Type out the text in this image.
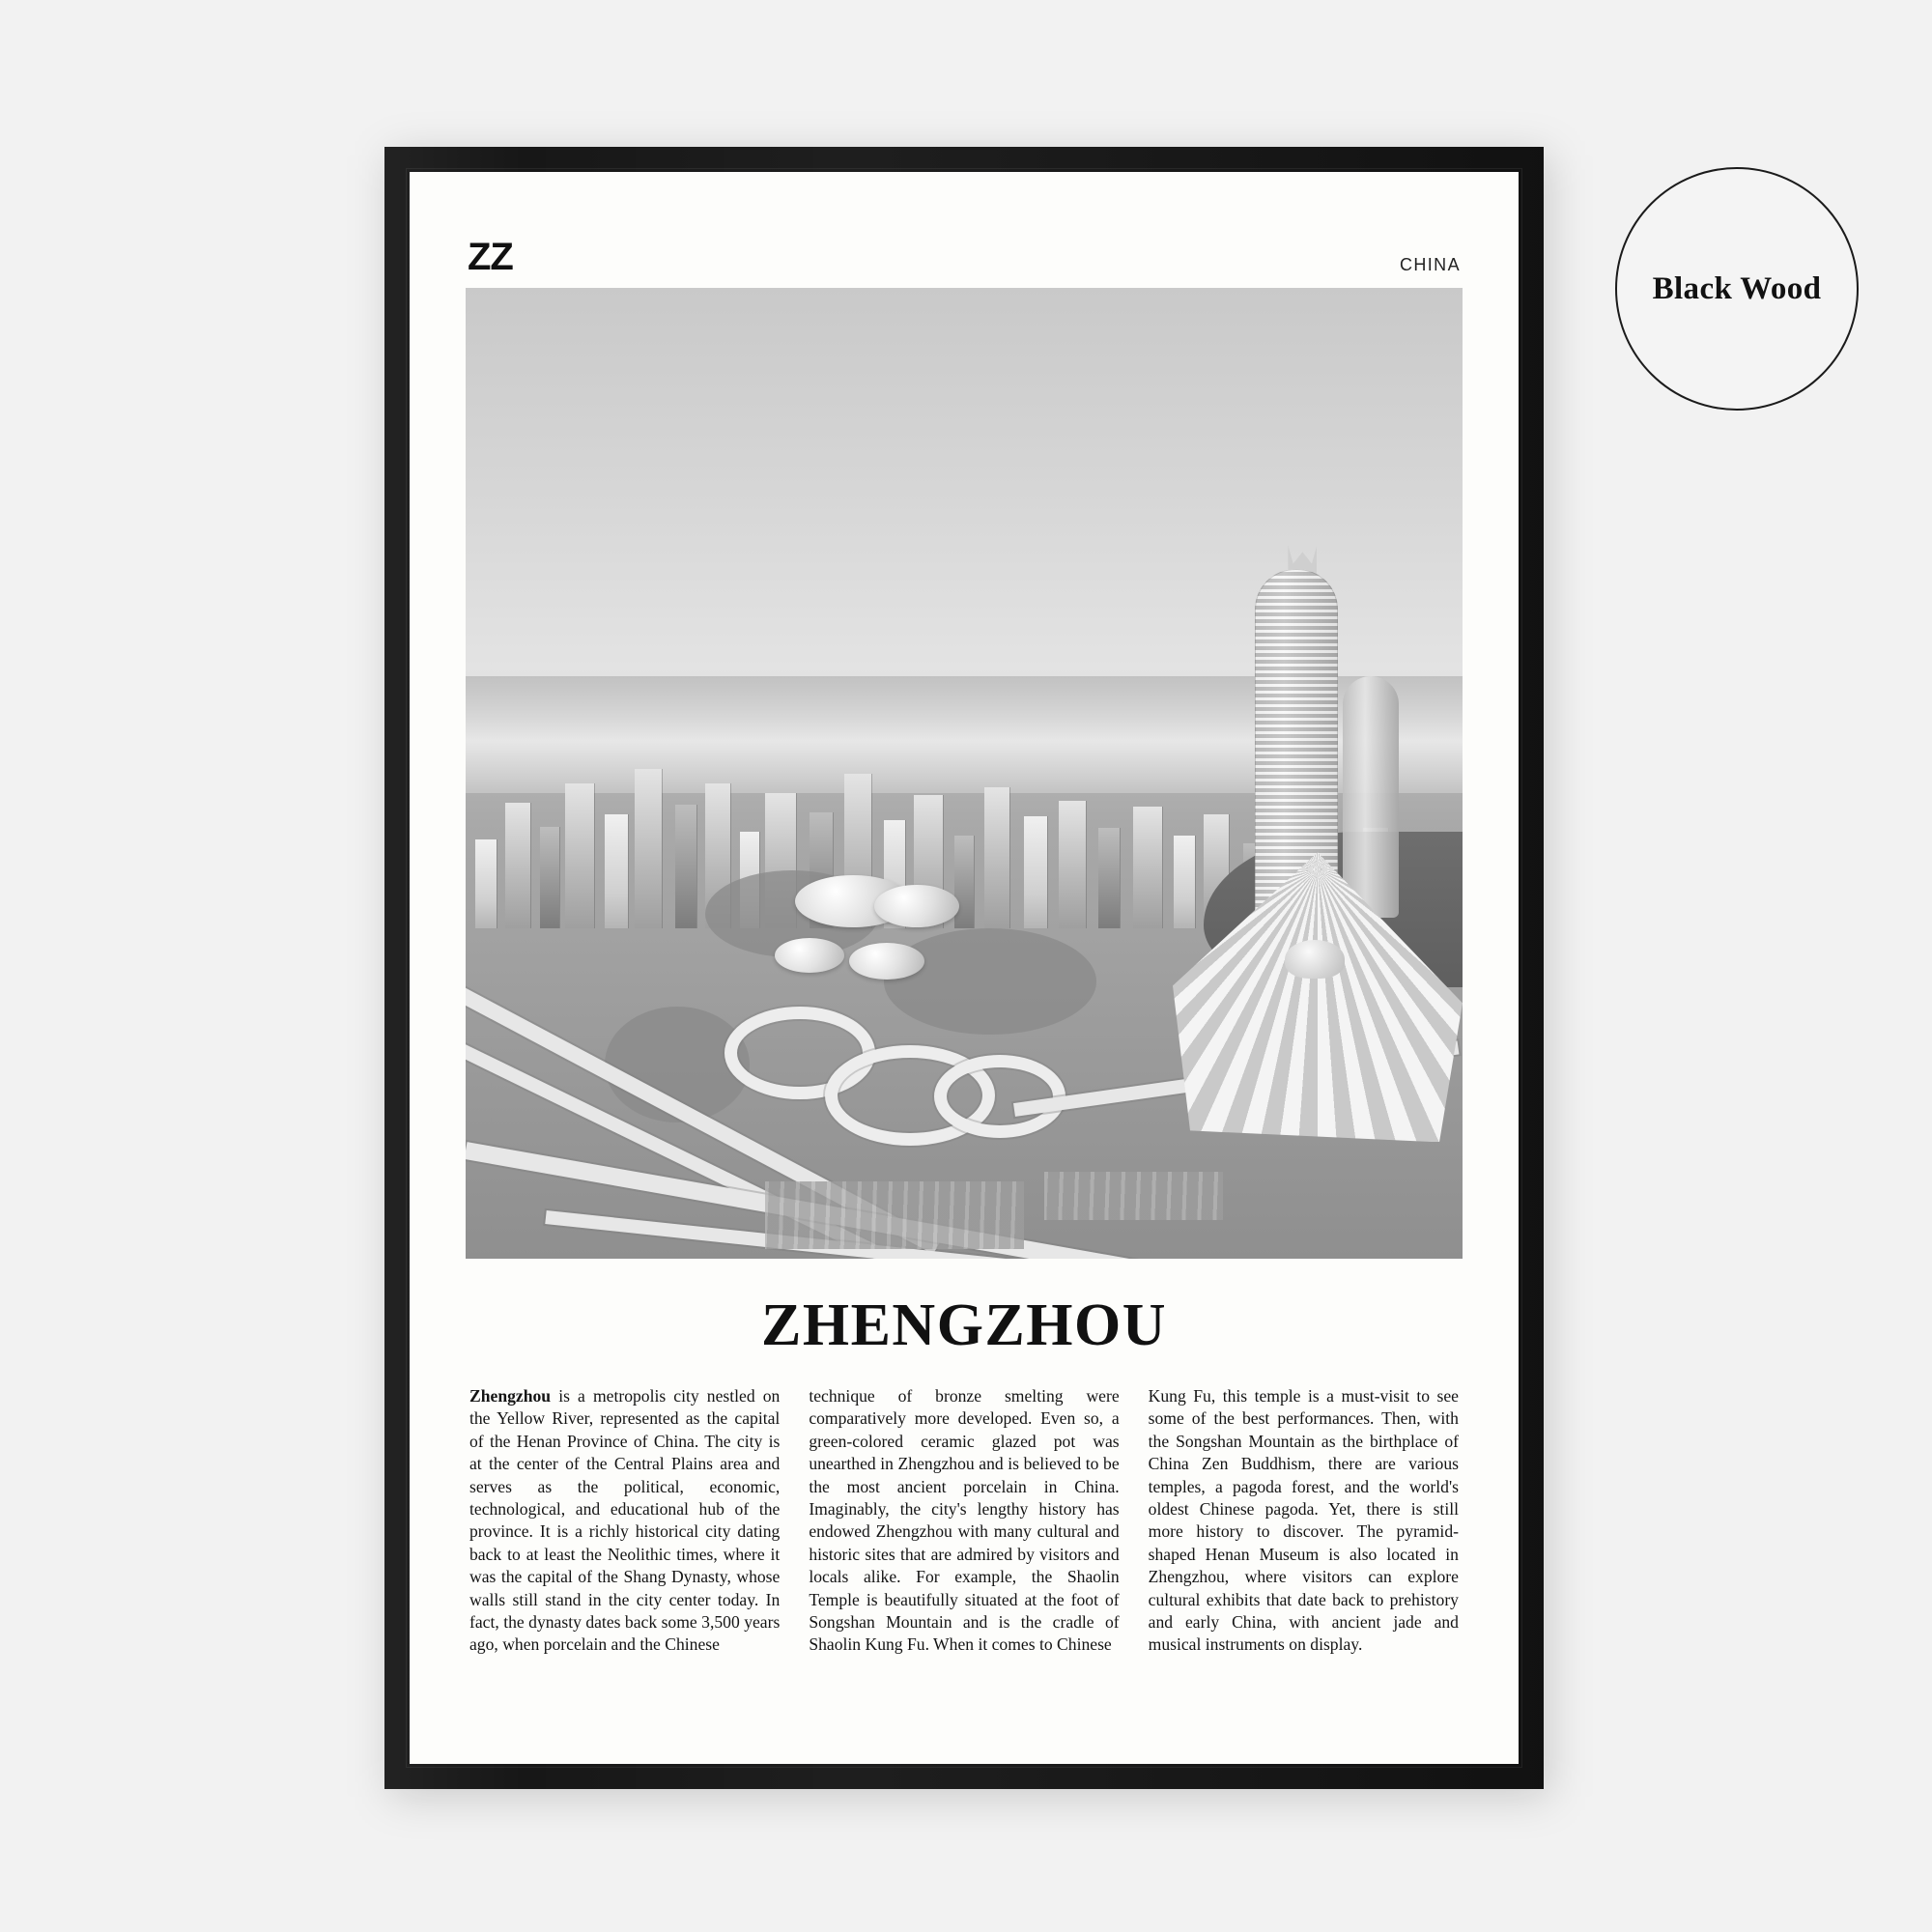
Black Wood
ZZ	CHINA
ZHENGZHOU
Zhengzhou is a metropolis city nestled on the Yellow River, represented as the capital of the Henan Province of China. The city is at the center of the Central Plains area and serves as the political, economic, technological, and educational hub of the province. It is a richly historical city dating back to at least the Neolithic times, where it was the capital of the Shang Dynasty, whose walls still stand in the city center today. In fact, the dynasty dates back some 3,500 years ago, when porcelain and the Chinese
technique of bronze smelting were comparatively more developed. Even so, a green-colored ceramic glazed pot was unearthed in Zhengzhou and is believed to be the most ancient porcelain in China. Imaginably, the city's lengthy history has endowed Zhengzhou with many cultural and historic sites that are admired by visitors and locals alike. For example, the Shaolin Temple is beautifully situated at the foot of Songshan Mountain and is the cradle of Shaolin Kung Fu. When it comes to Chinese
Kung Fu, this temple is a must-visit to see some of the best performances. Then, with the Songshan Mountain as the birthplace of China Zen Buddhism, there are various temples, a pagoda forest, and the world's oldest Chinese pagoda. Yet, there is still more history to discover. The pyramid-shaped Henan Museum is also located in Zhengzhou, where visitors can explore cultural exhibits that date back to prehistory and early China, with ancient jade and musical instruments on display.
